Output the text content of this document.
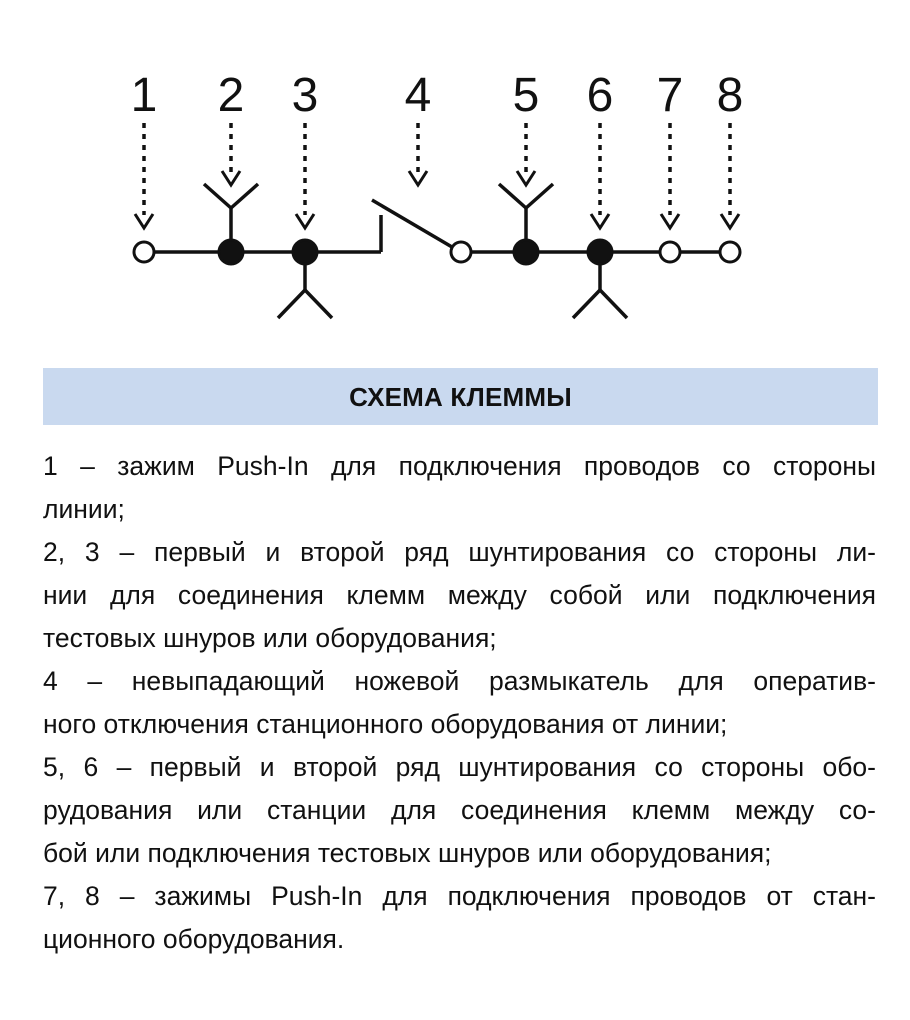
1 2 3 4 5 6 7 8
СХЕМА КЛЕММЫ

1 – зажим Push-In для подключения проводов со стороны

линии;

2, 3 – первый и второй ряд шунтирования со стороны ли-

нии для соединения клемм между собой или подключения

тестовых шнуров или оборудования;

4 – невыпадающий ножевой размыкатель для оператив-

ного отключения станционного оборудования от линии;

5, 6 – первый и второй ряд шунтирования со стороны обо-

рудования или станции для соединения клемм между со-

бой или подключения тестовых шнуров или оборудования;

7, 8 – зажимы Push-In для подключения проводов от стан-

ционного оборудования.
